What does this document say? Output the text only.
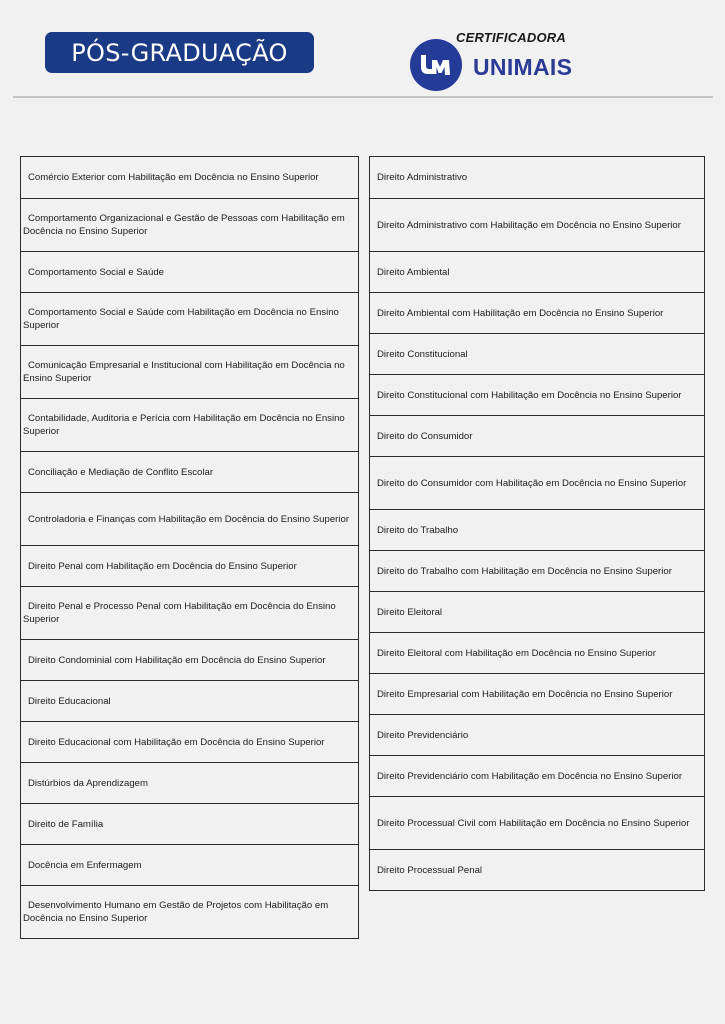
PÓS-GRADUAÇÃO
CERTIFICADORA
UNIMAIS
Comércio Exterior com Habilitação em Docência no Ensino Superior
Comportamento Organizacional e Gestão de Pessoas com Habilitação em Docência no Ensino Superior
Comportamento Social e Saúde
Comportamento Social e Saúde com Habilitação em Docência no Ensino Superior
Comunicação Empresarial e Institucional com Habilitação em Docência no Ensino Superior
Contabilidade, Auditoria e Perícia com Habilitação em Docência no Ensino Superior
Conciliação e Mediação de Conflito Escolar
Controladoria e Finanças com Habilitação em Docência do Ensino Superior
Direito Penal com Habilitação em Docência do Ensino Superior
Direito Penal e Processo Penal com Habilitação em Docência do Ensino Superior
Direito Condominial com Habilitação em Docência do Ensino Superior
Direito Educacional
Direito Educacional com Habilitação em Docência do Ensino Superior
Distúrbios da Aprendizagem
Direito de Família
Docência em Enfermagem
Desenvolvimento Humano em Gestão de Projetos com Habilitação em Docência no Ensino Superior
Direito Administrativo
Direito Administrativo com Habilitação em Docência no Ensino Superior
Direito Ambiental
Direito Ambiental com Habilitação em Docência no Ensino Superior
Direito Constitucional
Direito Constitucional com Habilitação em Docência no Ensino Superior
Direito do Consumidor
Direito do Consumidor com Habilitação em Docência no Ensino Superior
Direito do Trabalho
Direito do Trabalho com Habilitação em Docência no Ensino Superior
Direito Eleitoral
Direito Eleitoral com Habilitação em Docência no Ensino Superior
Direito Empresarial com Habilitação em Docência no Ensino Superior
Direito Previdenciário
Direito Previdenciário com Habilitação em Docência no Ensino Superior
Direito Processual Civil com Habilitação em Docência no Ensino Superior
Direito Processual Penal
